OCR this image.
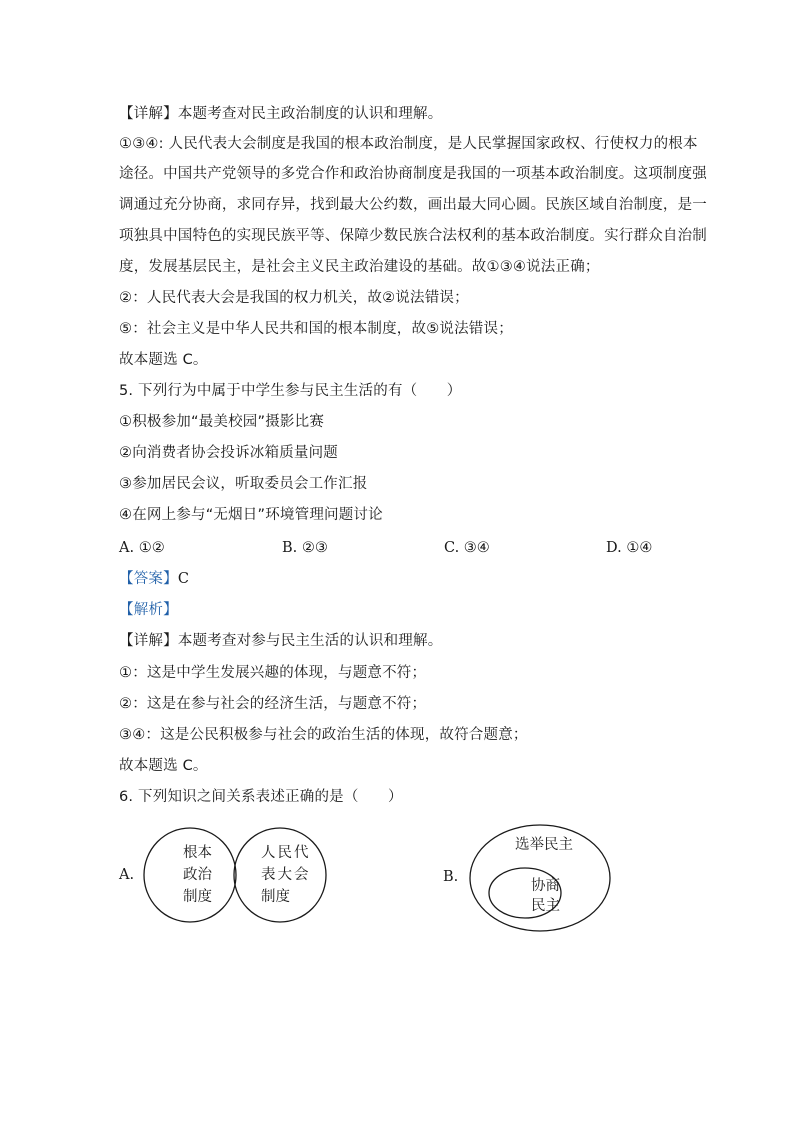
【详解】本题考查对民主政治制度的认识和理解。
①③④: 人民代表大会制度是我国的根本政治制度，是人民掌握国家政权、行使权力的根本
途径。中国共产党领导的多党合作和政治协商制度是我国的一项基本政治制度。这项制度强
调通过充分协商，求同存异，找到最大公约数，画出最大同心圆。民族区域自治制度，是一
项独具中国特色的实现民族平等、保障少数民族合法权利的基本政治制度。实行群众自治制
度，发展基层民主，是社会主义民主政治建设的基础。故①③④说法正确；
②：人民代表大会是我国的权力机关，故②说法错误；
⑤：社会主义是中华人民共和国的根本制度，故⑤说法错误；
故本题选 C。
5. 下列行为中属于中学生参与民主生活的有（　　）
①积极参加“最美校园”摄影比赛
②向消费者协会投诉冰箱质量问题
③参加居民会议，听取委员会工作汇报
④在网上参与“无烟日”环境管理问题讨论
A. ①②	B. ②③	C. ③④	D. ①④
【答案】C
【解析】
【详解】本题考查对参与民主生活的认识和理解。
①：这是中学生发展兴趣的体现，与题意不符；
②：这是在参与社会的经济生活，与题意不符；
③④：这是公民积极参与社会的政治生活的体现，故符合题意；
故本题选 C。
6. 下列知识之间关系表述正确的是（　　）
A.
根本
政治
制度
人民代
表大会
制度
B.
选举民主
协商
民主
